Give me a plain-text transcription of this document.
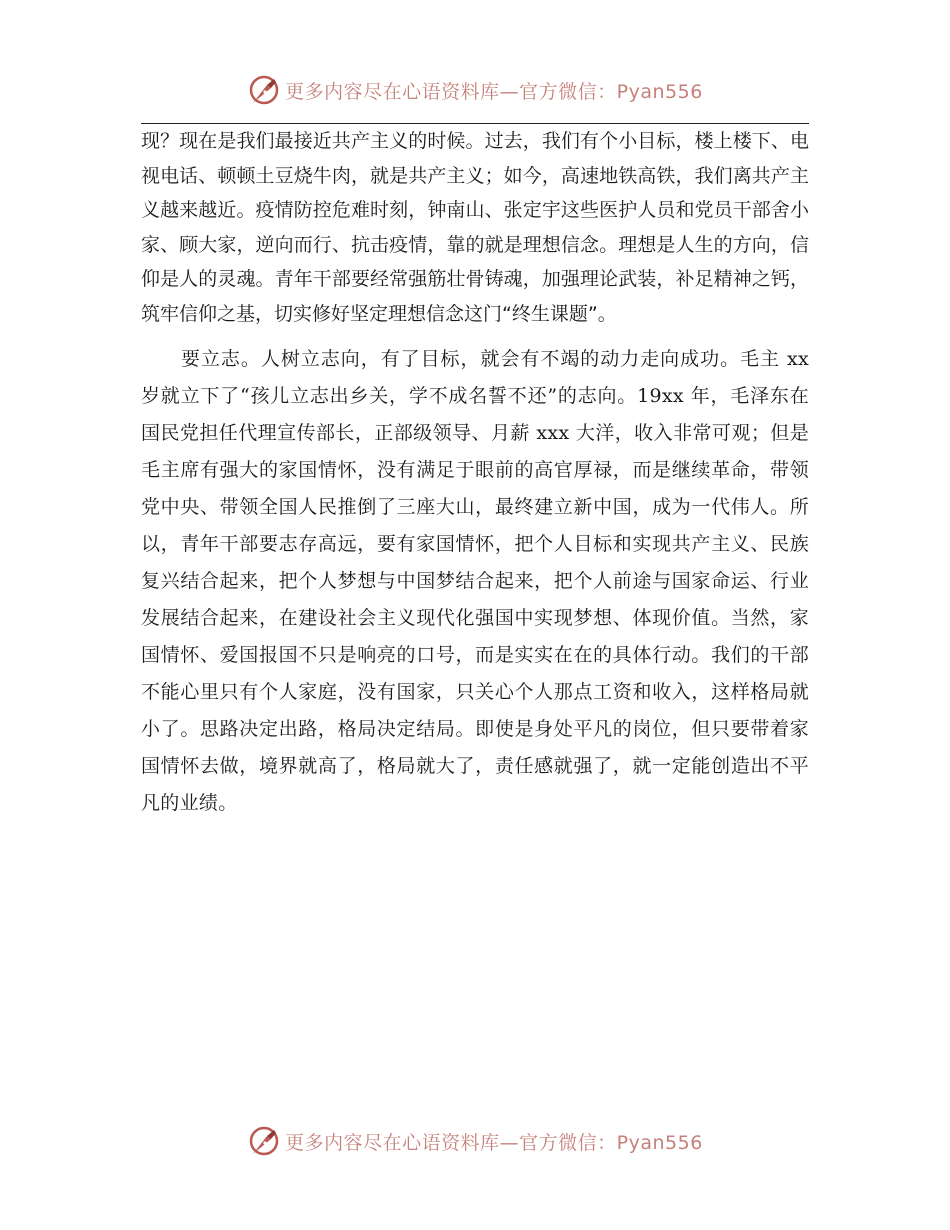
更多内容尽在心语资料库—官方微信：Pyan556

现？现在是我们最接近共产主义的时候。过去，我们有个小目标，楼上楼下、电视电话、顿顿土豆烧牛肉，就是共产主义；如今，高速地铁高铁，我们离共产主义越来越近。疫情防控危难时刻，钟南山、张定宇这些医护人员和党员干部舍小家、顾大家，逆向而行、抗击疫情，靠的就是理想信念。理想是人生的方向，信仰是人的灵魂。青年干部要经常强筋壮骨铸魂，加强理论武装，补足精神之钙，筑牢信仰之基，切实修好坚定理想信念这门“终生课题”。

要立志。人树立志向，有了目标，就会有不竭的动力走向成功。毛主 xx 岁就立下了“孩儿立志出乡关，学不成名誓不还”的志向。19xx 年，毛泽东在国民党担任代理宣传部长，正部级领导、月薪 xxx 大洋，收入非常可观；但是毛主席有强大的家国情怀，没有满足于眼前的高官厚禄，而是继续革命，带领党中央、带领全国人民推倒了三座大山，最终建立新中国，成为一代伟人。所以，青年干部要志存高远，要有家国情怀，把个人目标和实现共产主义、民族复兴结合起来，把个人梦想与中国梦结合起来，把个人前途与国家命运、行业发展结合起来，在建设社会主义现代化强国中实现梦想、体现价值。当然，家国情怀、爱国报国不只是响亮的口号，而是实实在在的具体行动。我们的干部不能心里只有个人家庭，没有国家，只关心个人那点工资和收入，这样格局就小了。思路决定出路，格局决定结局。即使是身处平凡的岗位，但只要带着家国情怀去做，境界就高了，格局就大了，责任感就强了，就一定能创造出不平凡的业绩。

更多内容尽在心语资料库—官方微信：Pyan556
